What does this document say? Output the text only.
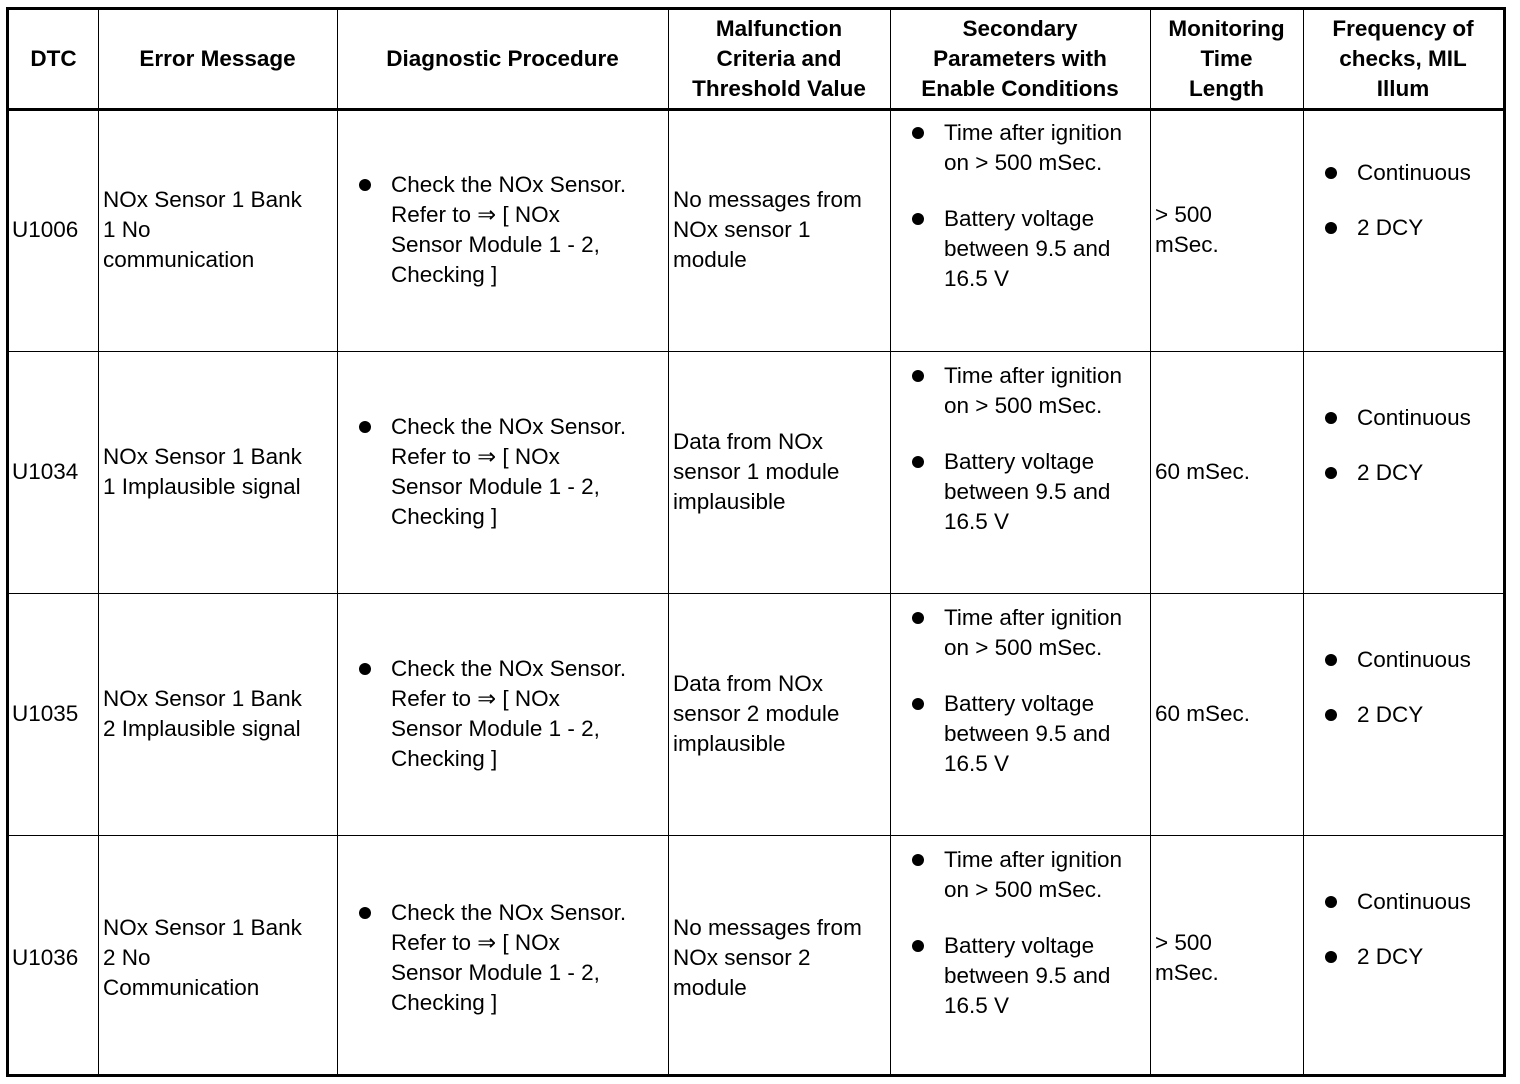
DTC	Error Message	Diagnostic Procedure
Malfunction
Criteria and
Threshold Value
Secondary
Parameters with
Enable Conditions
Monitoring
Time
Length
Frequency of
checks, MIL
Illum
U1006
NOx Sensor 1 Bank
1 No
communication
Check the NOx Sensor.
Refer to ⇒ [ NOx
Sensor Module 1 - 2,
Checking ]
No messages from
NOx sensor 1
module
Time after ignition
on > 500 mSec.
Battery voltage
between 9.5 and
16.5 V
> 500
mSec.
Continuous
2 DCY
U1034
NOx Sensor 1 Bank
1 Implausible signal
Check the NOx Sensor.
Refer to ⇒ [ NOx
Sensor Module 1 - 2,
Checking ]
Data from NOx
sensor 1 module
implausible
Time after ignition
on > 500 mSec.
Battery voltage
between 9.5 and
16.5 V
60 mSec.
Continuous
2 DCY
U1035
NOx Sensor 1 Bank
2 Implausible signal
Check the NOx Sensor.
Refer to ⇒ [ NOx
Sensor Module 1 - 2,
Checking ]
Data from NOx
sensor 2 module
implausible
Time after ignition
on > 500 mSec.
Battery voltage
between 9.5 and
16.5 V
60 mSec.
Continuous
2 DCY
U1036
NOx Sensor 1 Bank
2 No
Communication
Check the NOx Sensor.
Refer to ⇒ [ NOx
Sensor Module 1 - 2,
Checking ]
No messages from
NOx sensor 2
module
Time after ignition
on > 500 mSec.
Battery voltage
between 9.5 and
16.5 V
> 500
mSec.
Continuous
2 DCY
